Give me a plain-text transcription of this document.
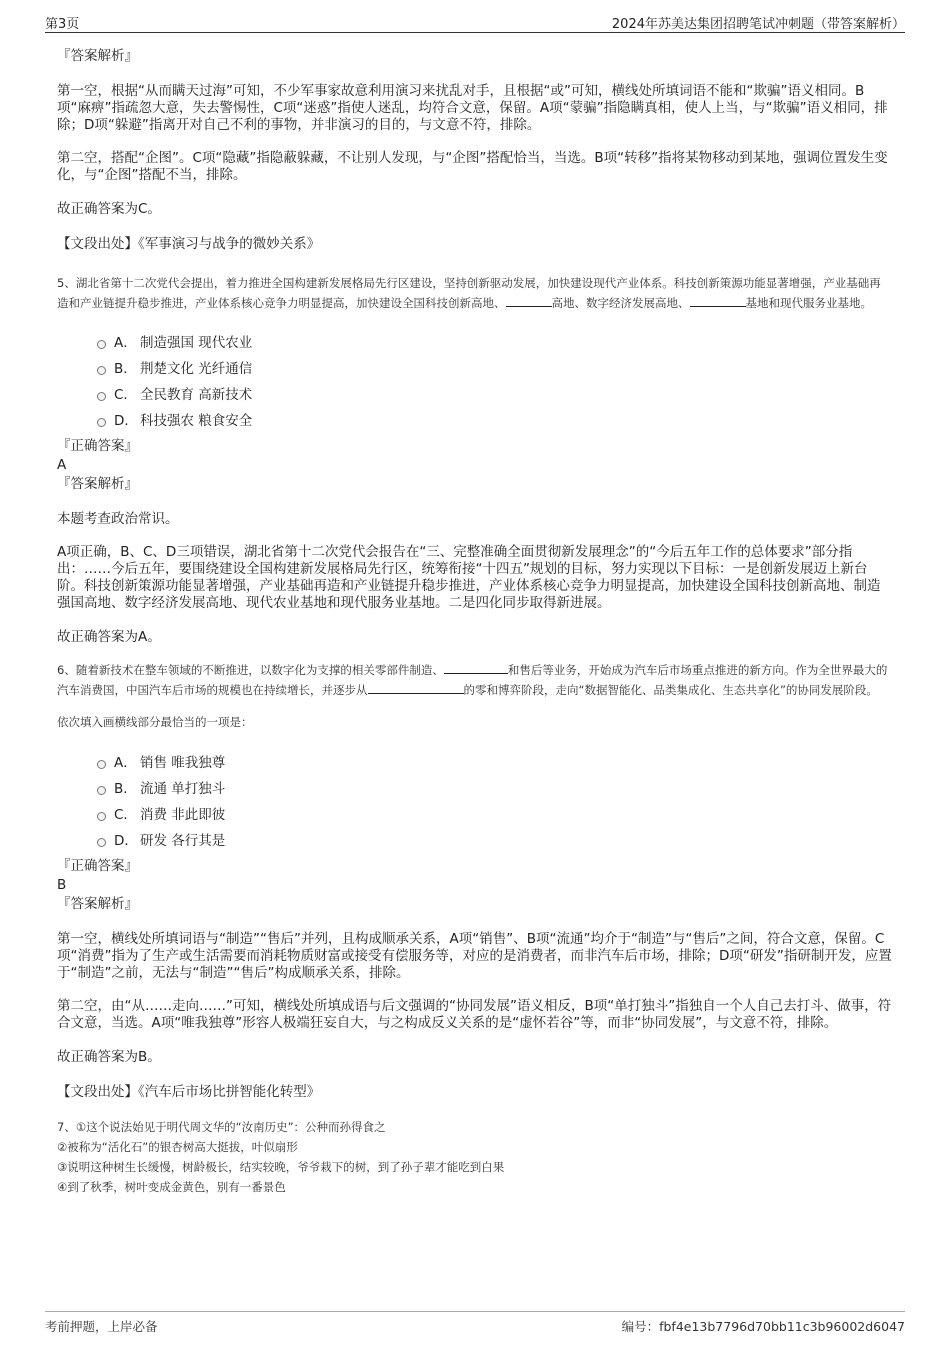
第3页	2024年苏美达集团招聘笔试冲刺题（带答案解析）

『答案解析』

第一空，根据“从而瞒天过海”可知，不少军事家故意利用演习来扰乱对手，且根据“或”可知，横线处所填词语不能和“欺骗”语义相同。B项“麻痹”指疏忽大意，失去警惕性，C项“迷惑”指使人迷乱，均符合文意，保留。A项“蒙骗”指隐瞒真相，使人上当，与“欺骗”语义相同，排除；D项“躲避”指离开对自己不利的事物，并非演习的目的，与文意不符，排除。

第二空，搭配“企图”。C项“隐藏”指隐蔽躲藏，不让别人发现，与“企图”搭配恰当，当选。B项“转移”指将某物移动到某地，强调位置发生变化，与“企图”搭配不当，排除。

故正确答案为C。

【文段出处】《军事演习与战争的微妙关系》

5、湖北省第十二次党代会提出，着力推进全国构建新发展格局先行区建设，坚持创新驱动发展，加快建设现代产业体系。科技创新策源功能显著增强，产业基础再造和产业链提升稳步推进，产业体系核心竞争力明显提高，加快建设全国科技创新高地、	高地、数字经济发展高地、	基地和现代服务业基地。

A． 制造强国 现代农业
B． 荆楚文化 光纤通信
C． 全民教育 高新技术
D． 科技强农 粮食安全

『正确答案』

A

『答案解析』

本题考查政治常识。

A项正确，B、C、D三项错误，湖北省第十二次党代会报告在“三、完整准确全面贯彻新发展理念”的“今后五年工作的总体要求”部分指出：……今后五年，要围绕建设全国构建新发展格局先行区，统筹衔接“十四五”规划的目标，努力实现以下目标：一是创新发展迈上新台阶。科技创新策源功能显著增强，产业基础再造和产业链提升稳步推进，产业体系核心竞争力明显提高，加快建设全国科技创新高地、制造强国高地、数字经济发展高地、现代农业基地和现代服务业基地。二是四化同步取得新进展。

故正确答案为A。

6、随着新技术在整车领域的不断推进，以数字化为支撑的相关零部件制造、	和售后等业务，开始成为汽车后市场重点推进的新方向。作为全世界最大的汽车消费国，中国汽车后市场的规模也在持续增长，并逐步从	的零和博弈阶段，走向“数据智能化、品类集成化、生态共享化”的协同发展阶段。

依次填入画横线部分最恰当的一项是：

A． 销售 唯我独尊
B． 流通 单打独斗
C． 消费 非此即彼
D． 研发 各行其是

『正确答案』

B

『答案解析』

第一空，横线处所填词语与“制造”“售后”并列，且构成顺承关系，A项“销售”、B项“流通”均介于“制造”与“售后”之间，符合文意，保留。C项“消费”指为了生产或生活需要而消耗物质财富或接受有偿服务等，对应的是消费者，而非汽车后市场，排除；D项“研发”指研制开发，应置于“制造”之前，无法与“制造”“售后”构成顺承关系，排除。

第二空，由“从……走向……”可知，横线处所填成语与后文强调的“协同发展”语义相反，B项“单打独斗”指独自一个人自己去打斗、做事，符合文意，当选。A项“唯我独尊”形容人极端狂妄自大，与之构成反义关系的是“虚怀若谷”等，而非“协同发展”，与文意不符，排除。

故正确答案为B。

【文段出处】《汽车后市场比拼智能化转型》

7、①这个说法始见于明代周文华的“汝南历史”：公种而孙得食之

②被称为“活化石”的银杏树高大挺拔，叶似扇形

③说明这种树生长缓慢，树龄极长，结实较晚，爷爷栽下的树，到了孙子辈才能吃到白果

④到了秋季，树叶变成金黄色，别有一番景色

考前押题，上岸必备	编号：fbf4e13b7796d70bb11c3b96002d6047
